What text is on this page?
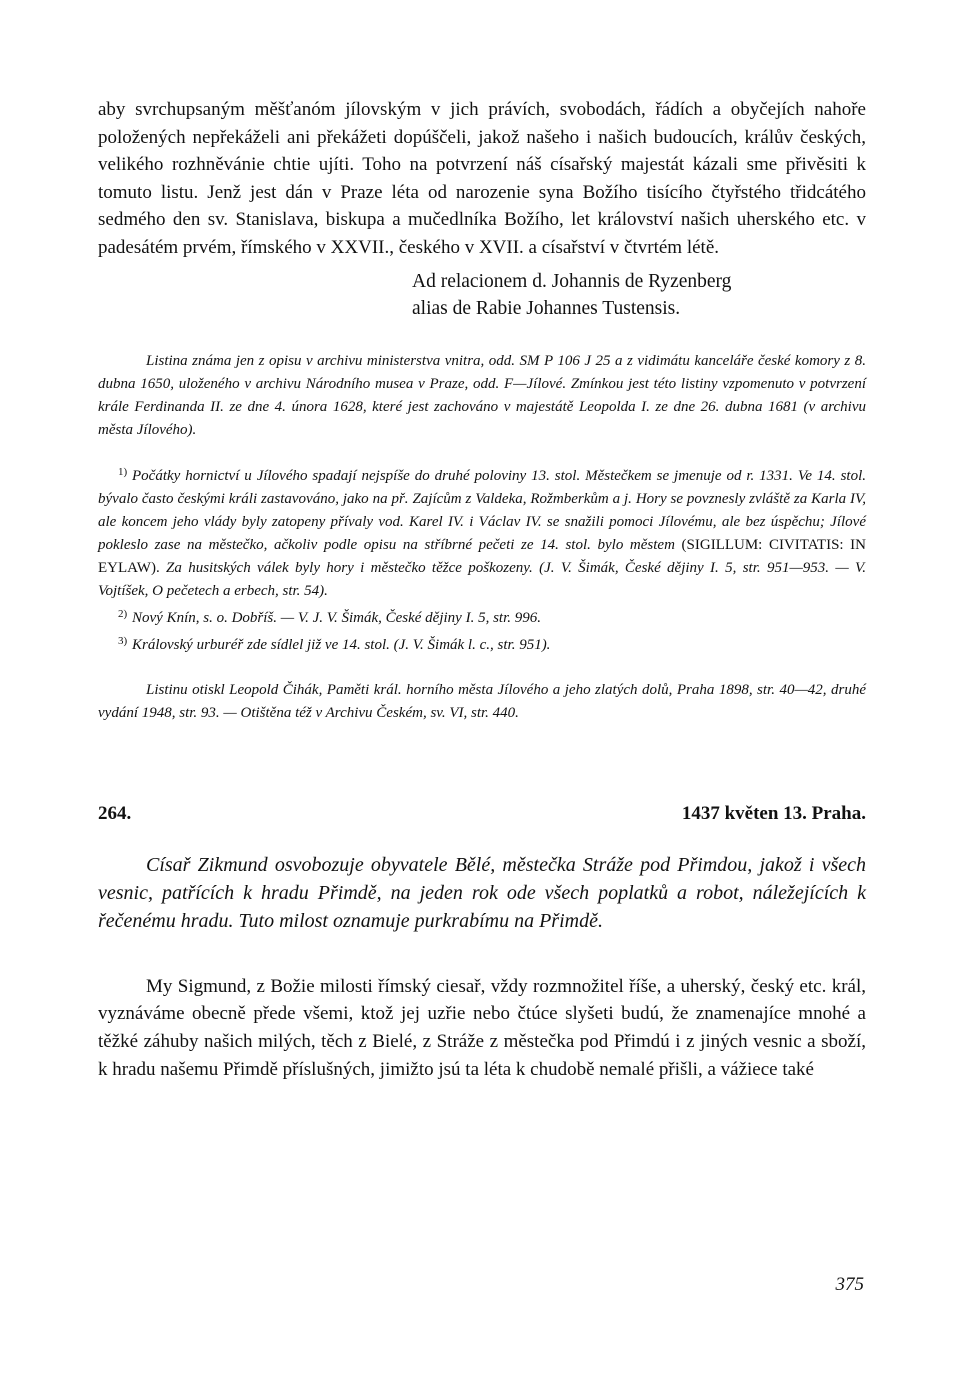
aby svrchupsaným měšťanóm jílovským v jich právích, svobodách, řádích a obyčejích nahoře položených nepřekáželi ani překážeti dopúščeli, jakož našeho i našich budoucích, králův českých, velikého rozhněvánie chtie ujíti. Toho na potvrzení náš císařský majestát kázali sme přivěsiti k tomuto listu. Jenž jest dán v Praze léta od narozenie syna Božího tisícího čtyřstého třidcátého sedmého den sv. Stanislava, biskupa a mučedlníka Božího, let království našich uherského etc. v padesátém prvém, římského v XXVII., českého v XVII. a císařství v čtvrtém létě.

Ad relacionem d. Johannis de Ryzenberg
alias de Rabie Johannes Tustensis.

Listina známa jen z opisu v archivu ministerstva vnitra, odd. SM P 106 J 25 a z vidimátu kanceláře české komory z 8. dubna 1650, uloženého v archivu Národního musea v Praze, odd. F—Jílové. Zmínkou jest této listiny vzpomenuto v potvrzení krále Ferdinanda II. ze dne 4. února 1628, které jest zachováno v majestátě Leopolda I. ze dne 26. dubna 1681 (v archivu města Jílového).

1) Počátky hornictví u Jílového spadají nejspíše do druhé poloviny 13. stol. Městečkem se jmenuje od r. 1331. Ve 14. stol. bývalo často českými králi zastavováno, jako na př. Zajícům z Valdeka, Rožmberkům a j. Hory se povznesly zvláště za Karla IV, ale koncem jeho vlády byly zatopeny přívaly vod. Karel IV. i Václav IV. se snažili pomoci Jílovému, ale bez úspěchu; Jílové pokleslo zase na městečko, ačkoliv podle opisu na stříbrné pečeti ze 14. stol. bylo městem (SIGILLUM: CIVITATIS: IN EYLAW). Za husitských válek byly hory i městečko těžce poškozeny. (J. V. Šimák, České dějiny I. 5, str. 951—953. — V. Vojtíšek, O pečetech a erbech, str. 54).

2) Nový Knín, s. o. Dobříš. — V. J. V. Šimák, České dějiny I. 5, str. 996.

3) Královský urburéř zde sídlel již ve 14. stol. (J. V. Šimák l. c., str. 951).

Listinu otiskl Leopold Čihák, Paměti král. horního města Jílového a jeho zlatých dolů, Praha 1898, str. 40—42, druhé vydání 1948, str. 93. — Otištěna též v Archivu Českém, sv. VI, str. 440.

264.	1437 květen 13. Praha.

Císař Zikmund osvobozuje obyvatele Bělé, městečka Stráže pod Přimdou, jakož i všech vesnic, patřících k hradu Přimdě, na jeden rok ode všech poplatků a robot, náležejících k řečenému hradu. Tuto milost oznamuje purkrabímu na Přimdě.

My Sigmund, z Božie milosti římský ciesař, vždy rozmnožitel říše, a uherský, český etc. král, vyznáváme obecně přede všemi, ktož jej uzřie nebo čtúce slyšeti budú, že znamenajíce mnohé a těžké záhuby našich milých, těch z Bielé, z Stráže z městečka pod Přimdú i z jiných vesnic a sboží, k hradu našemu Přimdě příslušných, jimižto jsú ta léta k chudobě nemalé přišli, a vážiece také

375
